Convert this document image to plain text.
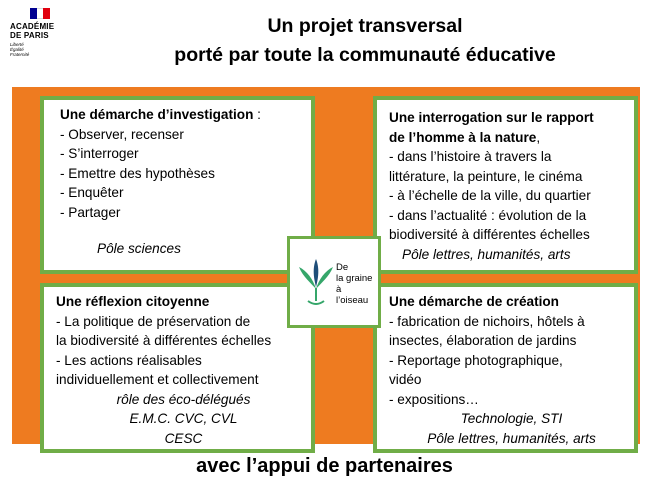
ACADÉMIE
DE PARIS
Liberté
Égalité
Fraternité
Un projet transversal
porté par toute la communauté éducative
Une démarche d’investigation :
- Observer, recenser
- S’interroger
- Emettre des hypothèses
- Enquêter
- Partager
Pôle sciences
Une interrogation sur le rapport
de l’homme à la nature,
- dans l’histoire à travers la
littérature, la peinture, le cinéma
- à l’échelle de la ville, du quartier
- dans l’actualité : évolution de la
biodiversité à différentes échelles
Pôle lettres, humanités, arts
Une réflexion citoyenne
- La politique de préservation de
la biodiversité à différentes échelles
- Les actions réalisables
individuellement et collectivement
rôle des éco-délégués
E.M.C. CVC, CVL
CESC
Une démarche de création
- fabrication de nichoirs, hôtels à
insectes, élaboration de jardins
- Reportage photographique,
vidéo
- expositions…
Technologie, STI
Pôle lettres, humanités, arts
De
la graine
à
l’oiseau
avec l’appui de partenaires
